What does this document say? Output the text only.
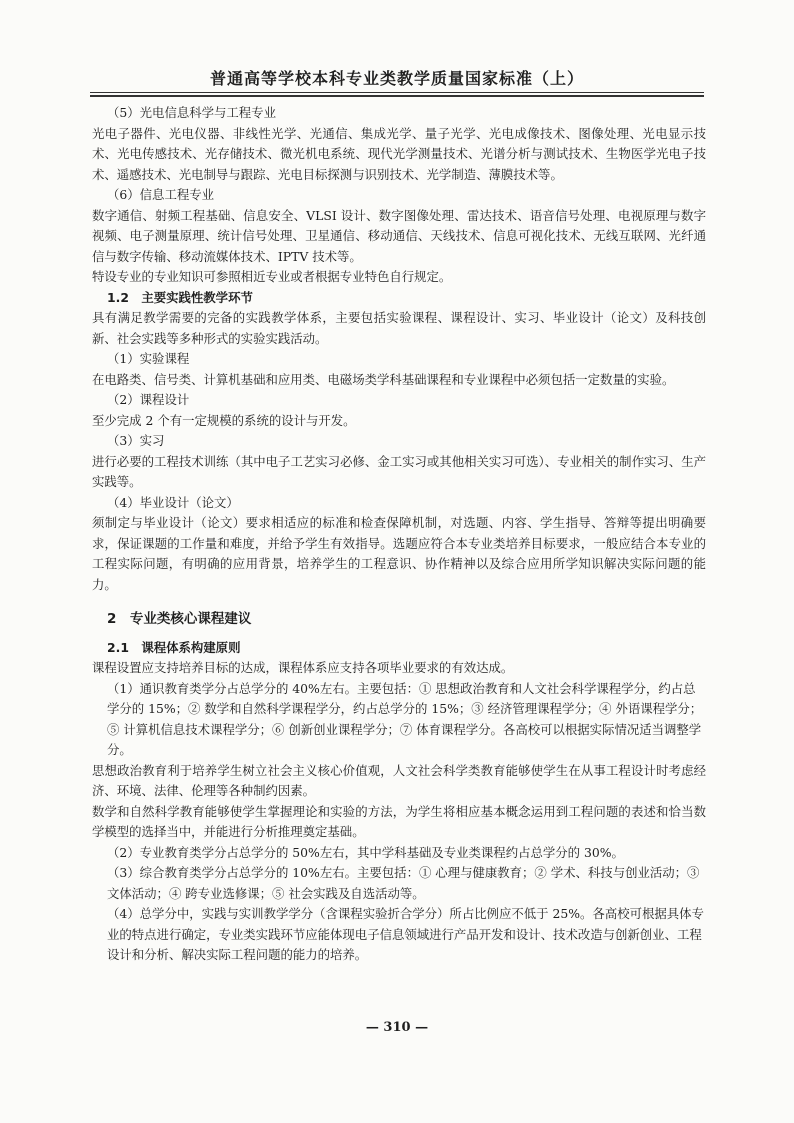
普通高等学校本科专业类教学质量国家标准（上）
（5）光电信息科学与工程专业
光电子器件、光电仪器、非线性光学、光通信、集成光学、量子光学、光电成像技术、图像处理、光电显示技术、光电传感技术、光存储技术、微光机电系统、现代光学测量技术、光谱分析与测试技术、生物医学光电子技术、遥感技术、光电制导与跟踪、光电目标探测与识别技术、光学制造、薄膜技术等。
（6）信息工程专业
数字通信、射频工程基础、信息安全、VLSI 设计、数字图像处理、雷达技术、语音信号处理、电视原理与数字视频、电子测量原理、统计信号处理、卫星通信、移动通信、天线技术、信息可视化技术、无线互联网、光纤通信与数字传输、移动流媒体技术、IPTV 技术等。
特设专业的专业知识可参照相近专业或者根据专业特色自行规定。
1.2　主要实践性教学环节
具有满足教学需要的完备的实践教学体系，主要包括实验课程、课程设计、实习、毕业设计（论文）及科技创新、社会实践等多种形式的实验实践活动。
（1）实验课程
在电路类、信号类、计算机基础和应用类、电磁场类学科基础课程和专业课程中必须包括一定数量的实验。
（2）课程设计
至少完成 2 个有一定规模的系统的设计与开发。
（3）实习
进行必要的工程技术训练（其中电子工艺实习必修、金工实习或其他相关实习可选）、专业相关的制作实习、生产实践等。
（4）毕业设计（论文）
须制定与毕业设计（论文）要求相适应的标准和检查保障机制，对选题、内容、学生指导、答辩等提出明确要求，保证课题的工作量和难度，并给予学生有效指导。选题应符合本专业类培养目标要求，一般应结合本专业的工程实际问题，有明确的应用背景，培养学生的工程意识、协作精神以及综合应用所学知识解决实际问题的能力。
2　专业类核心课程建议
2.1　课程体系构建原则
课程设置应支持培养目标的达成，课程体系应支持各项毕业要求的有效达成。
（1）通识教育类学分占总学分的 40%左右。主要包括：① 思想政治教育和人文社会科学课程学分，约占总学分的 15%；② 数学和自然科学课程学分，约占总学分的 15%；③ 经济管理课程学分；④ 外语课程学分；⑤ 计算机信息技术课程学分；⑥ 创新创业课程学分；⑦ 体育课程学分。各高校可以根据实际情况适当调整学分。
思想政治教育利于培养学生树立社会主义核心价值观，人文社会科学类教育能够使学生在从事工程设计时考虑经济、环境、法律、伦理等各种制约因素。
数学和自然科学教育能够使学生掌握理论和实验的方法，为学生将相应基本概念运用到工程问题的表述和恰当数学模型的选择当中，并能进行分析推理奠定基础。
（2）专业教育类学分占总学分的 50%左右，其中学科基础及专业类课程约占总学分的 30%。
（3）综合教育类学分占总学分的 10%左右。主要包括：① 心理与健康教育；② 学术、科技与创业活动；③ 文体活动；④ 跨专业选修课；⑤ 社会实践及自选活动等。
（4）总学分中，实践与实训教学学分（含课程实验折合学分）所占比例应不低于 25%。各高校可根据具体专业的特点进行确定，专业类实践环节应能体现电子信息领域进行产品开发和设计、技术改造与创新创业、工程设计和分析、解决实际工程问题的能力的培养。
— 310 —
